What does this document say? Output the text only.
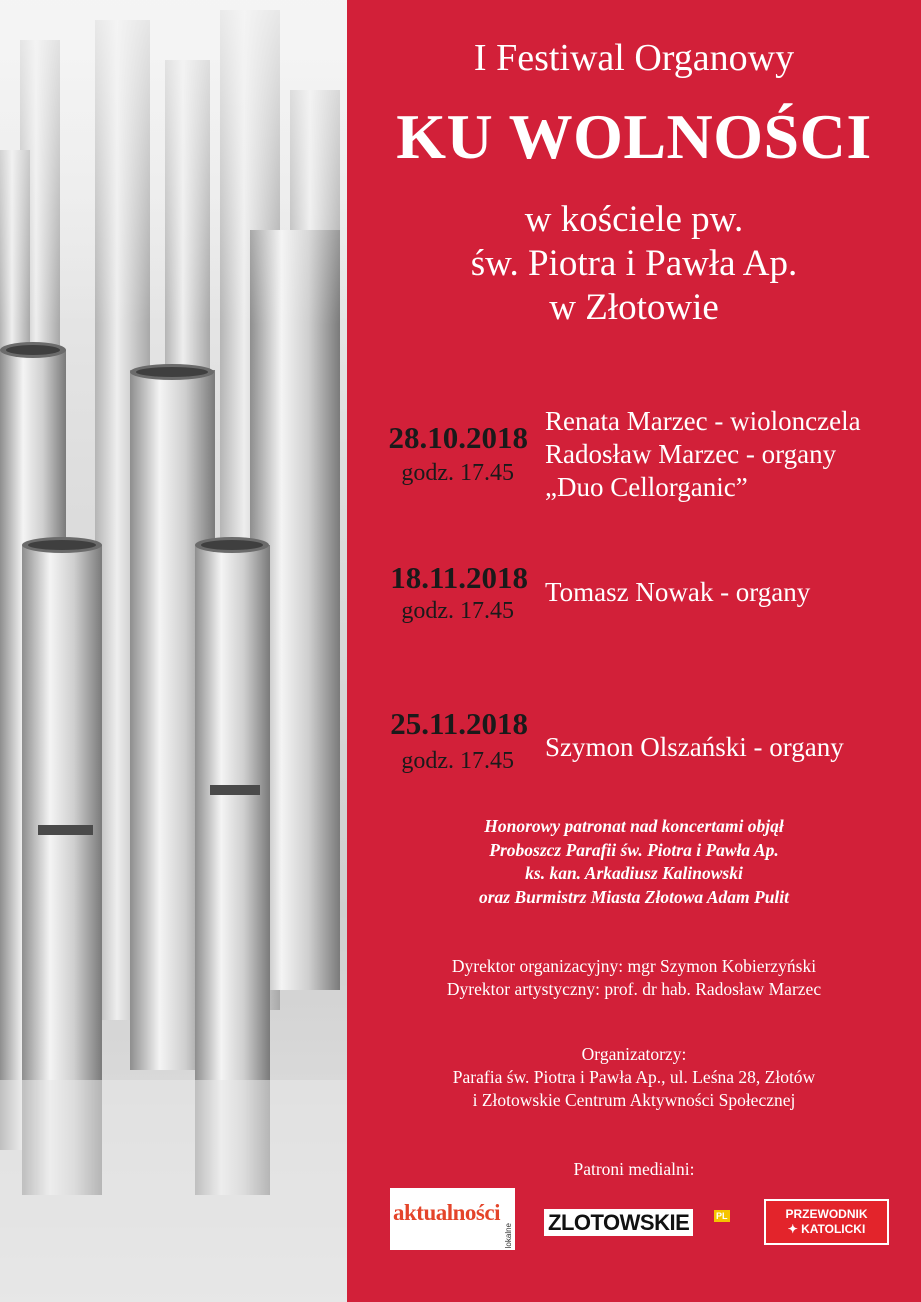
I Festiwal Organowy
KU WOLNOŚCI
w kościele pw.
św. Piotra i Pawła Ap.
w Złotowie
28.10.2018
godz. 17.45
Renata Marzec - wiolonczela
Radosław Marzec - organy
„Duo Cellorganic”
18.11.2018
godz. 17.45
Tomasz Nowak - organy
25.11.2018
godz. 17.45 Szymon Olszański - organy
Honorowy patronat nad koncertami objął
Proboszcz Parafii św. Piotra i Pawła Ap.
ks. kan. Arkadiusz Kalinowski
oraz Burmistrz Miasta Złotowa Adam Pulit
Dyrektor organizacyjny: mgr Szymon Kobierzyński
Dyrektor artystyczny: prof. dr hab. Radosław Marzec
Organizatorzy:
Parafia św. Piotra i Pawła Ap., ul. Leśna 28, Złotów
i Złotowskie Centrum Aktywności Społecznej
Patroni medialni:
aktualności
lokalne
ZLOTOWSKIE	PL	PRZEWODNIK
✦ KATOLICKI
